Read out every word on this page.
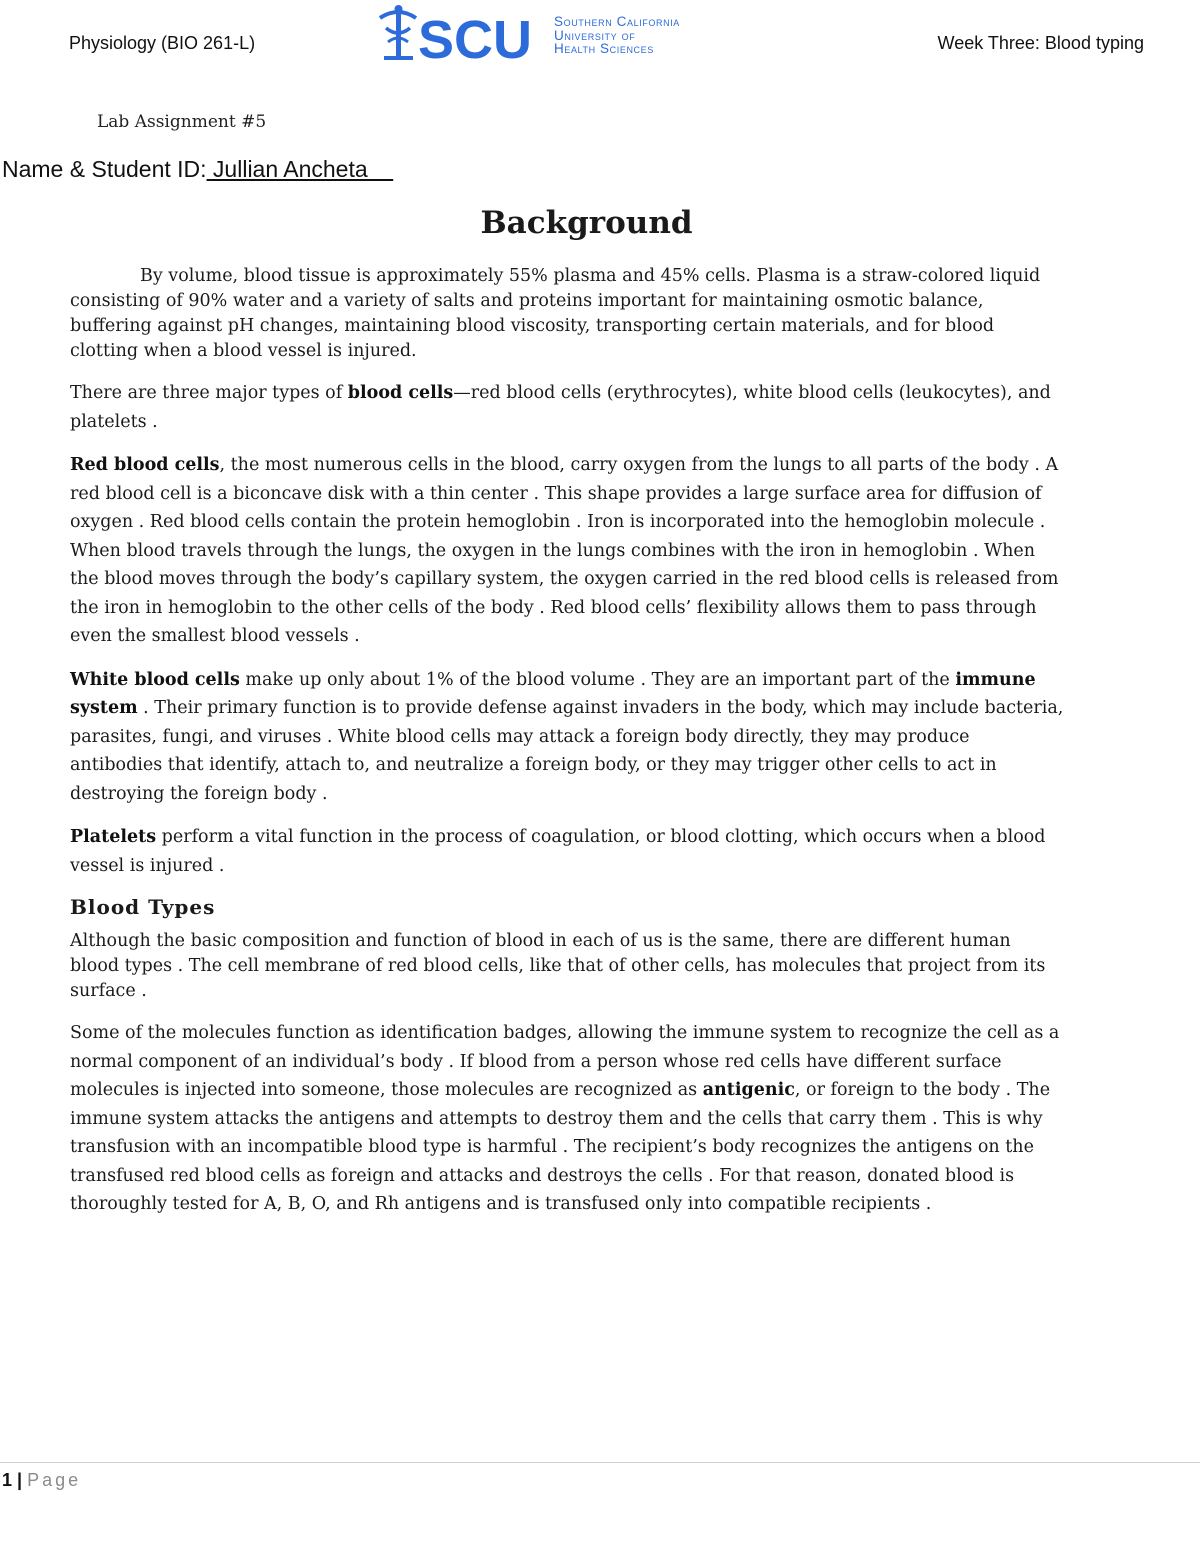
Physiology (BIO 261-L)	SCU Southern California
University of
Health Sciences	Week Three: Blood typing
Lab Assignment #5
Name & Student ID: Jullian Ancheta
Background

By volume, blood tissue is approximately 55% plasma and 45% cells. Plasma is a straw-colored liquid consisting of 90% water and a variety of salts and proteins important for maintaining osmotic balance, buffering against pH changes, maintaining blood viscosity, transporting certain materials, and for blood clotting when a blood vessel is injured.

There are three major types of blood cells—red blood cells (erythrocytes), white blood cells (leukocytes), and platelets .

Red blood cells, the most numerous cells in the blood, carry oxygen from the lungs to all parts of the body . A red blood cell is a biconcave disk with a thin center . This shape provides a large surface area for diffusion of oxygen . Red blood cells contain the protein hemoglobin . Iron is incorporated into the hemoglobin molecule . When blood travels through the lungs, the oxygen in the lungs combines with the iron in hemoglobin . When the blood moves through the body’s capillary system, the oxygen carried in the red blood cells is released from the iron in hemoglobin to the other cells of the body . Red blood cells’ flexibility allows them to pass through even the smallest blood vessels .

White blood cells make up only about 1% of the blood volume . They are an important part of the immune system . Their primary function is to provide defense against invaders in the body, which may include bacteria, parasites, fungi, and viruses . White blood cells may attack a foreign body directly, they may produce antibodies that identify, attach to, and neutralize a foreign body, or they may trigger other cells to act in destroying the foreign body .

Platelets perform a vital function in the process of coagulation, or blood clotting, which occurs when a blood vessel is injured .

Blood Types

Although the basic composition and function of blood in each of us is the same, there are different human blood types . The cell membrane of red blood cells, like that of other cells, has molecules that project from its surface .

Some of the molecules function as identification badges, allowing the immune system to recognize the cell as a normal component of an individual’s body . If blood from a person whose red cells have different surface molecules is injected into someone, those molecules are recognized as antigenic, or foreign to the body . The immune system attacks the antigens and attempts to destroy them and the cells that carry them . This is why transfusion with an incompatible blood type is harmful . The recipient’s body recognizes the antigens on the transfused red blood cells as foreign and attacks and destroys the cells . For that reason, donated blood is thoroughly tested for A, B, O, and Rh antigens and is transfused only into compatible recipients .

1 | Page
